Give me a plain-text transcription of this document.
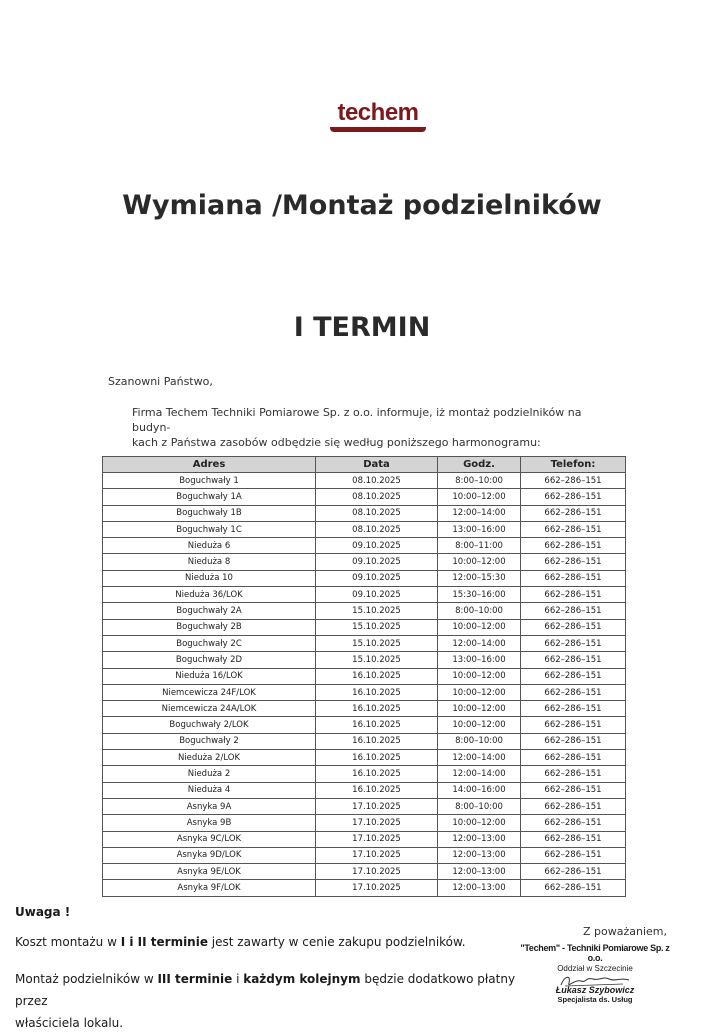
techem
Wymiana /Montaż podzielników
I TERMIN
Szanowni Państwo,
Firma Techem Techniki Pomiarowe Sp. z o.o. informuje, iż montaż podzielników na budyn-
kach z Państwa zasobów odbędzie się według poniższego harmonogramu:
Adres	Data	Godz.	Telefon:
Boguchwały 1	08.10.2025	8:00–10:00	662–286–151
Boguchwały 1A	08.10.2025	10:00–12:00	662–286–151
Boguchwały 1B	08.10.2025	12:00–14:00	662–286–151
Boguchwały 1C	08.10.2025	13:00–16:00	662–286–151
Nieduża 6	09.10.2025	8:00–11:00	662–286–151
Nieduża 8	09.10.2025	10:00–12:00	662–286–151
Nieduża 10	09.10.2025	12:00–15:30	662–286–151
Nieduża 36/LOK	09.10.2025	15:30–16:00	662–286–151
Boguchwały 2A	15.10.2025	8:00–10:00	662–286–151
Boguchwały 2B	15.10.2025	10:00–12:00	662–286–151
Boguchwały 2C	15.10.2025	12:00–14:00	662–286–151
Boguchwały 2D	15.10.2025	13:00–16:00	662–286–151
Nieduża 16/LOK	16.10.2025	10:00–12:00	662–286–151
Niemcewicza 24F/LOK	16.10.2025	10:00–12:00	662–286–151
Niemcewicza 24A/LOK	16.10.2025	10:00–12:00	662–286–151
Boguchwały 2/LOK	16.10.2025	10:00–12:00	662–286–151
Boguchwały 2	16.10.2025	8:00–10:00	662–286–151
Nieduża 2/LOK	16.10.2025	12:00–14:00	662–286–151
Nieduża 2	16.10.2025	12:00–14:00	662–286–151
Nieduża 4	16.10.2025	14:00–16:00	662–286–151
Asnyka 9A	17.10.2025	8:00–10:00	662–286–151
Asnyka 9B	17.10.2025	10:00–12:00	662–286–151
Asnyka 9C/LOK	17.10.2025	12:00–13:00	662–286–151
Asnyka 9D/LOK	17.10.2025	12:00–13:00	662–286–151
Asnyka 9E/LOK	17.10.2025	12:00–13:00	662–286–151
Asnyka 9F/LOK	17.10.2025	12:00–13:00	662–286–151
Uwaga !
Koszt montażu w I i II terminie jest zawarty w cenie zakupu podzielników.
Montaż podzielników w III terminie i każdym kolejnym będzie dodatkowo płatny przez
właściciela lokalu.
Z poważaniem,
"Techem" - Techniki Pomiarowe Sp. z o.o.
Oddział w Szczecinie
Łukasz Szybowicz
Specjalista ds. Usług
